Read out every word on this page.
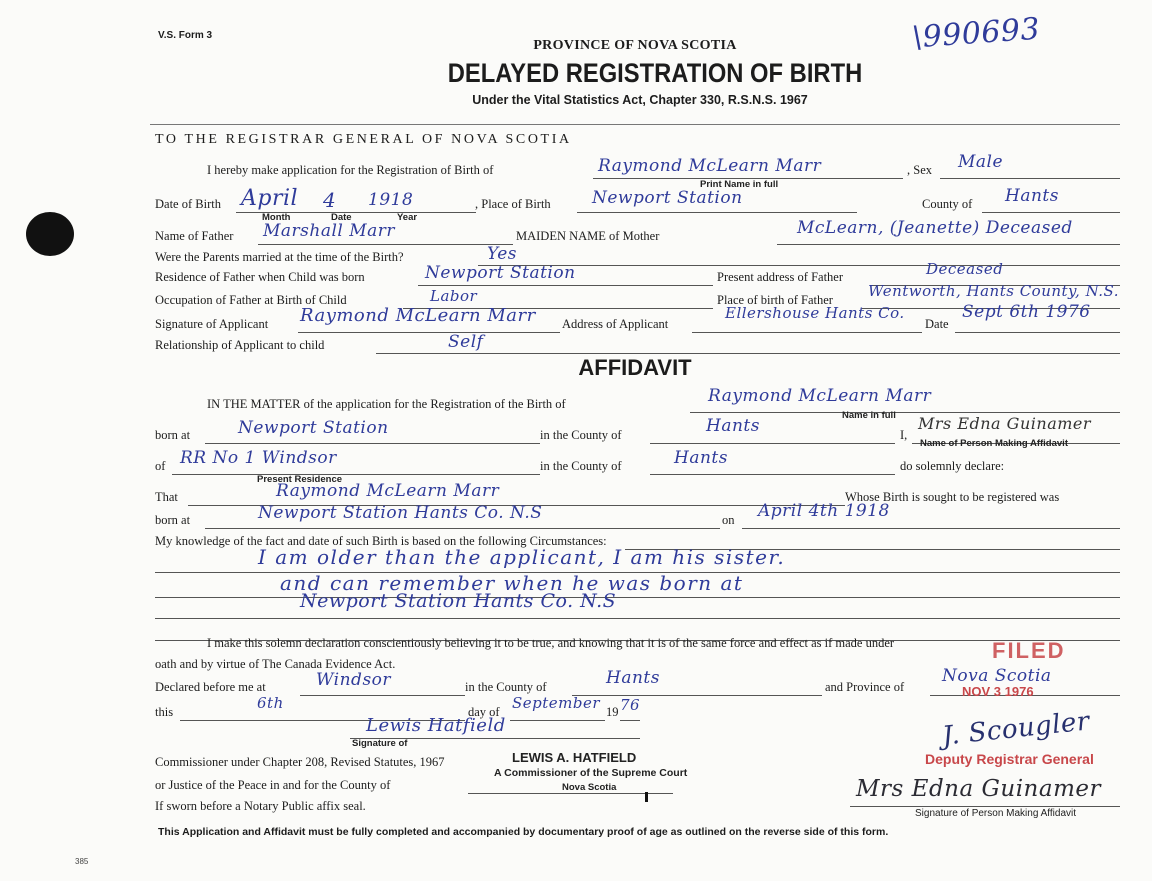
V.S. Form 3
PROVINCE OF NOVA SCOTIA
DELAYED REGISTRATION OF BIRTH
Under the Vital Statistics Act, Chapter 330, R.S.N.S. 1967
\990693
TO THE REGISTRAR GENERAL OF NOVA SCOTIA
I hereby make application for the Registration of Birth of	Raymond McLearn Marr
Print Name in full
, Sex Male
Date of Birth April 4 1918
Month	Date	Year
, Place of Birth Newport Station	County of Hants
Name of Father Marshall Marr	MAIDEN NAME of Mother	McLearn, (Jeanette) Deceased
Were the Parents married at the time of the Birth?	Yes
Residence of Father when Child was born	Newport Station	Present address of Father	Deceased
Occupation of Father at Birth of Child	Labor	Place of birth of Father Wentworth, Hants County, N.S.
Signature of Applicant Raymond McLearn Marr Address of Applicant
Ellershouse Hants Co.
Date
Sept 6th 1976
Relationship of Applicant to child	Self
AFFIDAVIT
IN THE MATTER of the application for the Registration of the Birth of	Raymond McLearn Marr
Name in full
born at	Newport Station	in the County of	Hants	I,
Mrs Edna Guinamer
Name of Person Making Affidavit
of RR No 1 Windsor
Present Residence
in the County of	Hants	do solemnly declare:
That	Raymond McLearn Marr	Whose Birth is sought to be registered was
born at	Newport Station Hants Co. N.S	on April 4th 1918
My knowledge of the fact and date of such Birth is based on the following Circumstances:
I am older than the applicant, I am his sister.
and can remember when he was born at
Newport Station Hants Co. N.S
I make this solemn declaration conscientiously believing it to be true, and knowing that it is of the same force and effect as if made under
oath and by virtue of The Canada Evidence Act.
Declared before me at	Windsor	in the County of	Hants	and Province of
Nova Scotia
this	6th	day of September 19 76
Lewis Hatfield
Signature of
Commissioner under Chapter 208, Revised Statutes, 1967
or Justice of the Peace in and for the County of
If sworn before a Notary Public affix seal.
LEWIS A. HATFIELD
A Commissioner of the Supreme Court
Nova Scotia
J. Scougler
Deputy Registrar General
Mrs Edna Guinamer
Signature of Person Making Affidavit
FILED
NOV 3 1976
This Application and Affidavit must be fully completed and accompanied by documentary proof of age as outlined on the reverse side of this form.
385
